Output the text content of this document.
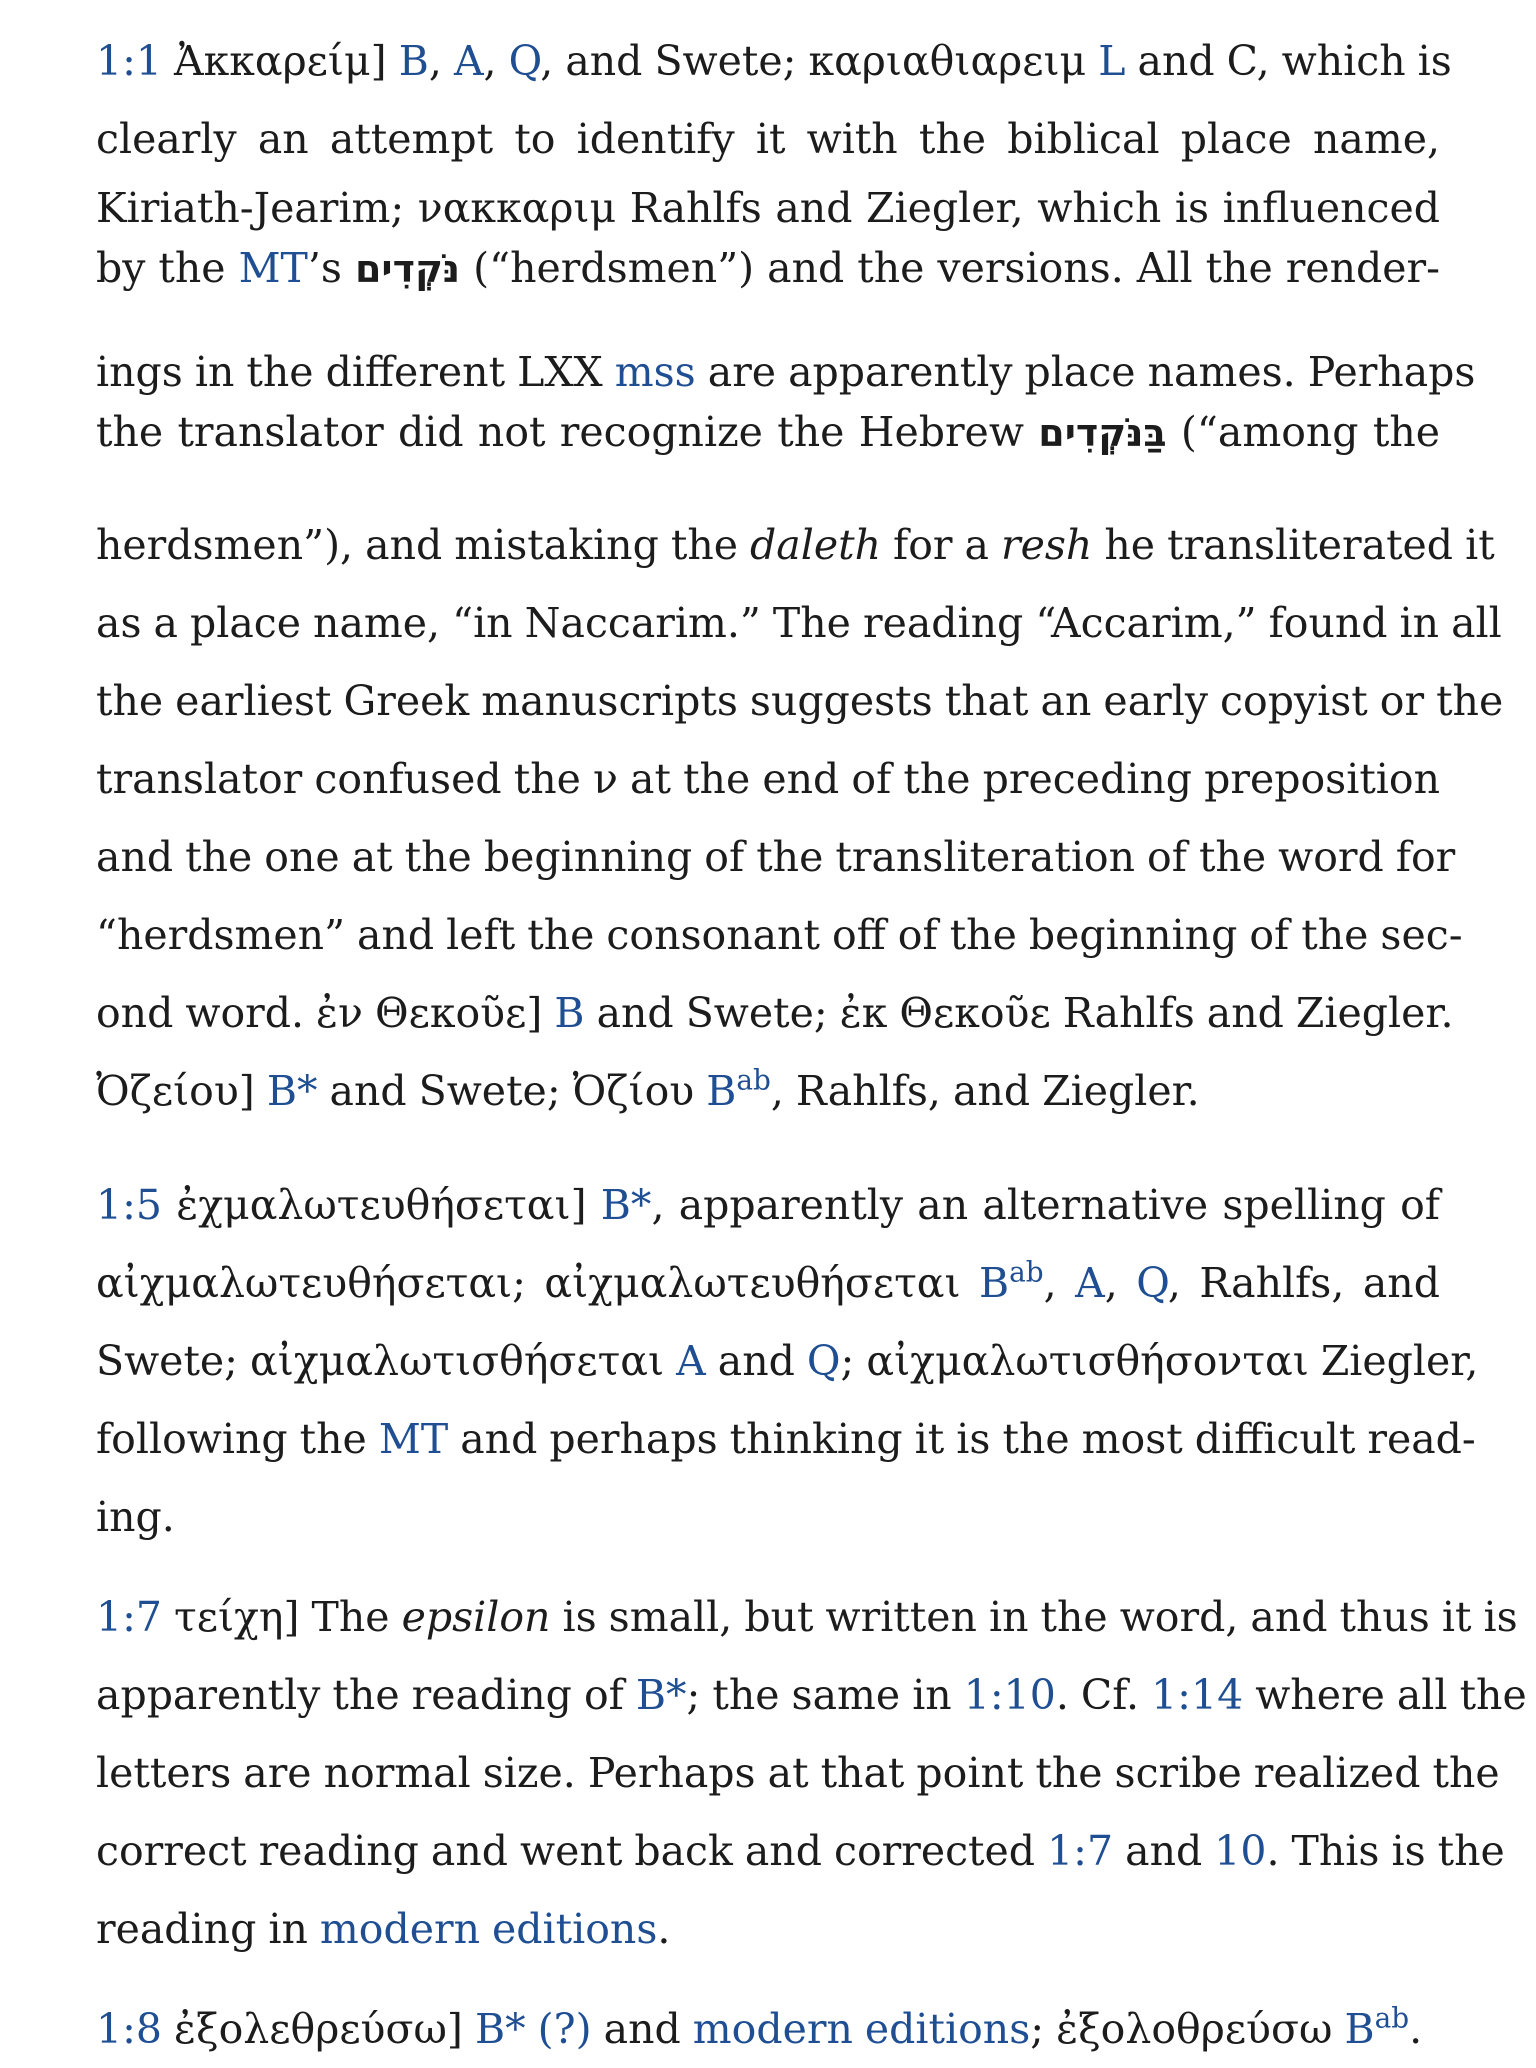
1:1 Ἀκκαρείμ] B, A, Q, and Swete; καριαθιαρειμ L and C, which is
clearly an attempt to identify it with the biblical place name,
Kiriath-Jearim; νακκαριμ Rahlfs and Ziegler, which is influenced
by the MT’s נֹּקְדִים (“herdsmen”) and the versions. All the render-
ings in the different LXX mss are apparently place names. Perhaps
the translator did not recognize the Hebrew בַּנֹּקְדִים (“among the
herdsmen”), and mistaking the daleth for a resh he transliterated it
as a place name, “in Naccarim.” The reading “Accarim,” found in all
the earliest Greek manuscripts suggests that an early copyist or the
translator confused the ν at the end of the preceding preposition
and the one at the beginning of the transliteration of the word for
“herdsmen” and left the consonant off of the beginning of the sec-
ond word. ἐν Θεκοῦε] B and Swete; ἐκ Θεκοῦε Rahlfs and Ziegler.
Ὀζείου] B* and Swete; Ὀζίου $B^{ab}$, Rahlfs, and Ziegler.
1:5 ἐχμαλωτευθήσεται] B*, apparently an alternative spelling of
αἰχμαλωτευθήσεται; αἰχμαλωτευθήσεται $B^{ab}$, A, Q, Rahlfs, and
Swete; αἰχμαλωτισθήσεται A and Q; αἰχμαλωτισθήσονται Ziegler,
following the MT and perhaps thinking it is the most difficult read-
ing.
1:7 τείχη] The epsilon is small, but written in the word, and thus it is
apparently the reading of B*; the same in 1:10. Cf. 1:14 where all the
letters are normal size. Perhaps at that point the scribe realized the
correct reading and went back and corrected 1:7 and 10. This is the
reading in modern editions.
1:8 ἐξολεθρεύσω] B* (?) and modern editions; ἐξολοθρεύσω $B^{ab}$.
